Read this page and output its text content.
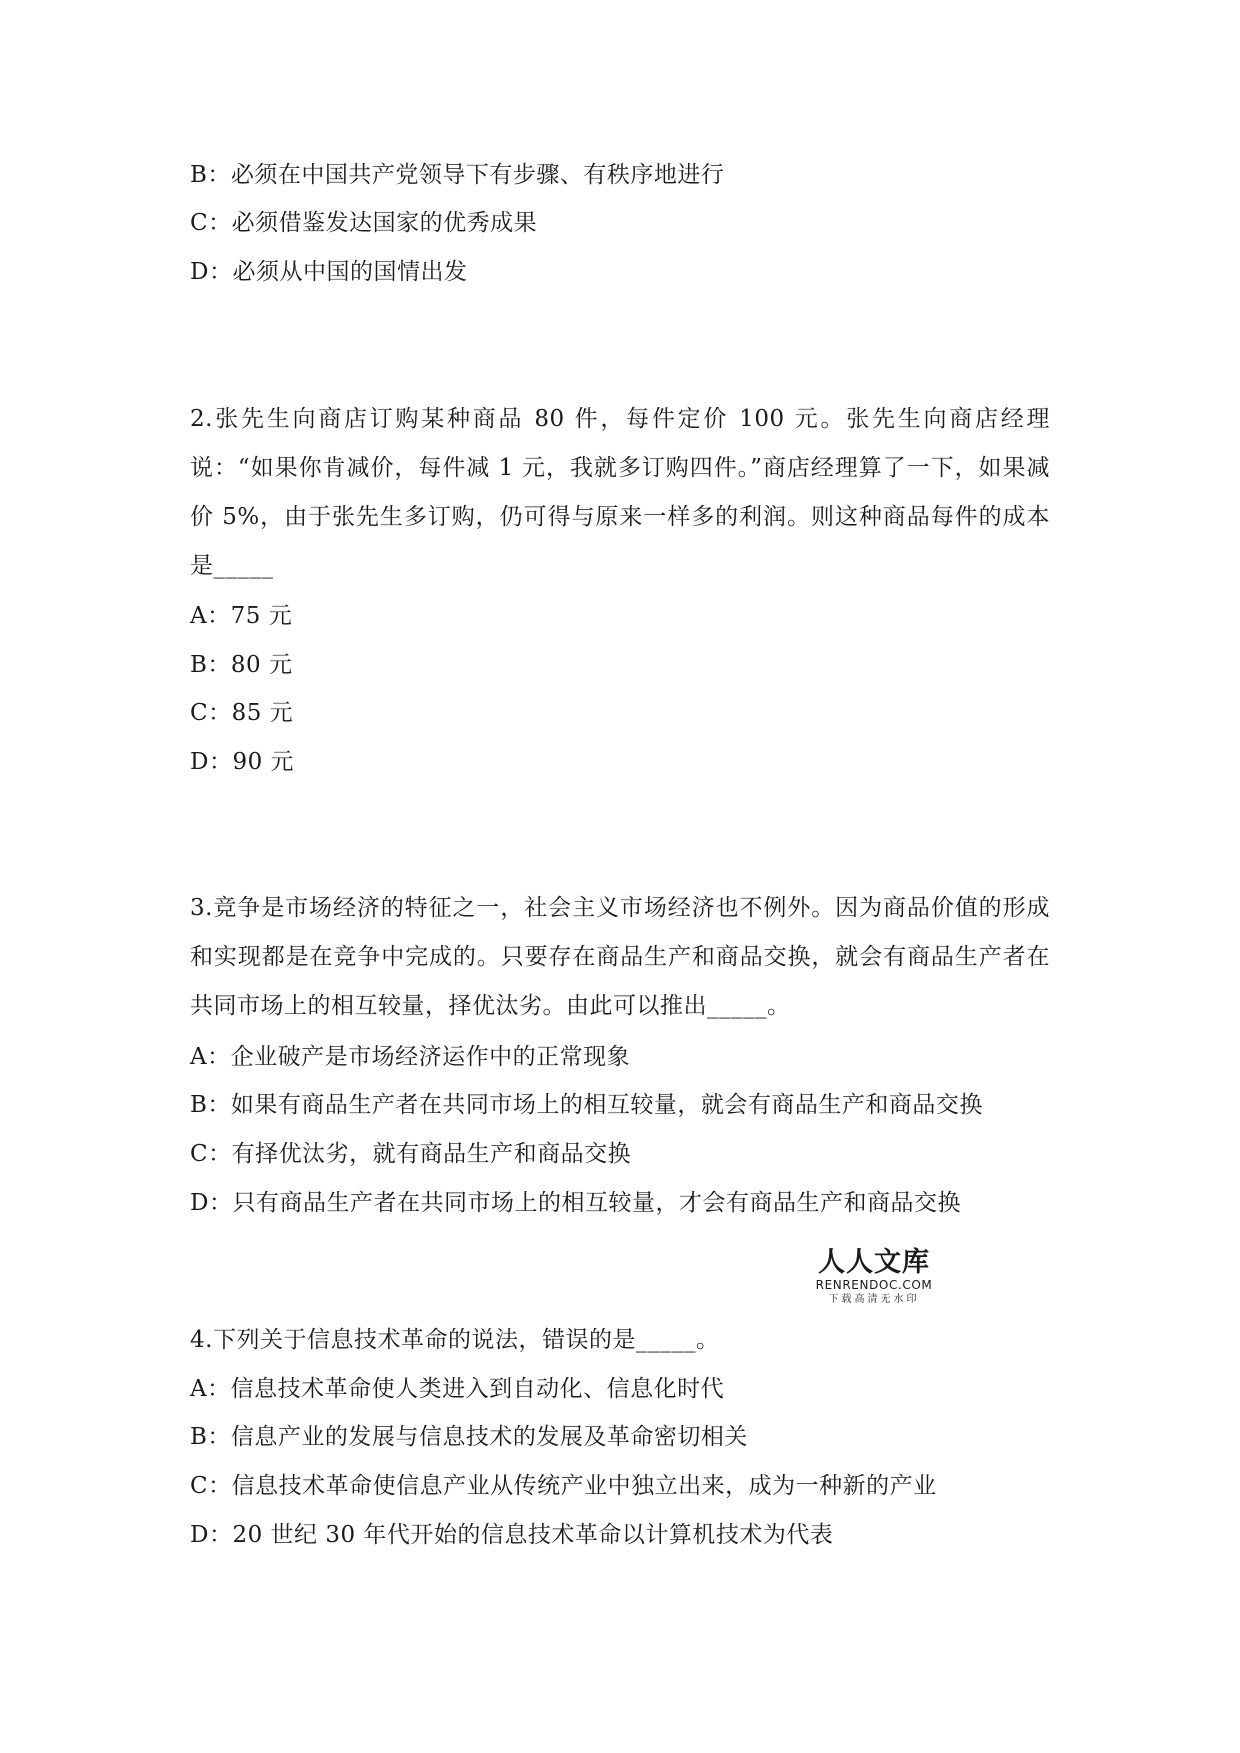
B：必须在中国共产党领导下有步骤、有秩序地进行
C：必须借鉴发达国家的优秀成果
D：必须从中国的国情出发
2.张先生向商店订购某种商品 80 件，每件定价 100 元。张先生向商店经理说：“如果你肯减价，每件减 1 元，我就多订购四件。”商店经理算了一下，如果减价 5%，由于张先生多订购，仍可得与原来一样多的利润。则这种商品每件的成本是_____
A：75 元
B：80 元
C：85 元
D：90 元
3.竞争是市场经济的特征之一，社会主义市场经济也不例外。因为商品价值的形成和实现都是在竞争中完成的。只要存在商品生产和商品交换，就会有商品生产者在共同市场上的相互较量，择优汰劣。由此可以推出_____。
A：企业破产是市场经济运作中的正常现象
B：如果有商品生产者在共同市场上的相互较量，就会有商品生产和商品交换
C：有择优汰劣，就有商品生产和商品交换
D：只有商品生产者在共同市场上的相互较量，才会有商品生产和商品交换
人人文库
RENRENDOC.COM
下载高清无水印
4.下列关于信息技术革命的说法，错误的是_____。
A：信息技术革命使人类进入到自动化、信息化时代
B：信息产业的发展与信息技术的发展及革命密切相关
C：信息技术革命使信息产业从传统产业中独立出来，成为一种新的产业
D：20 世纪 30 年代开始的信息技术革命以计算机技术为代表
